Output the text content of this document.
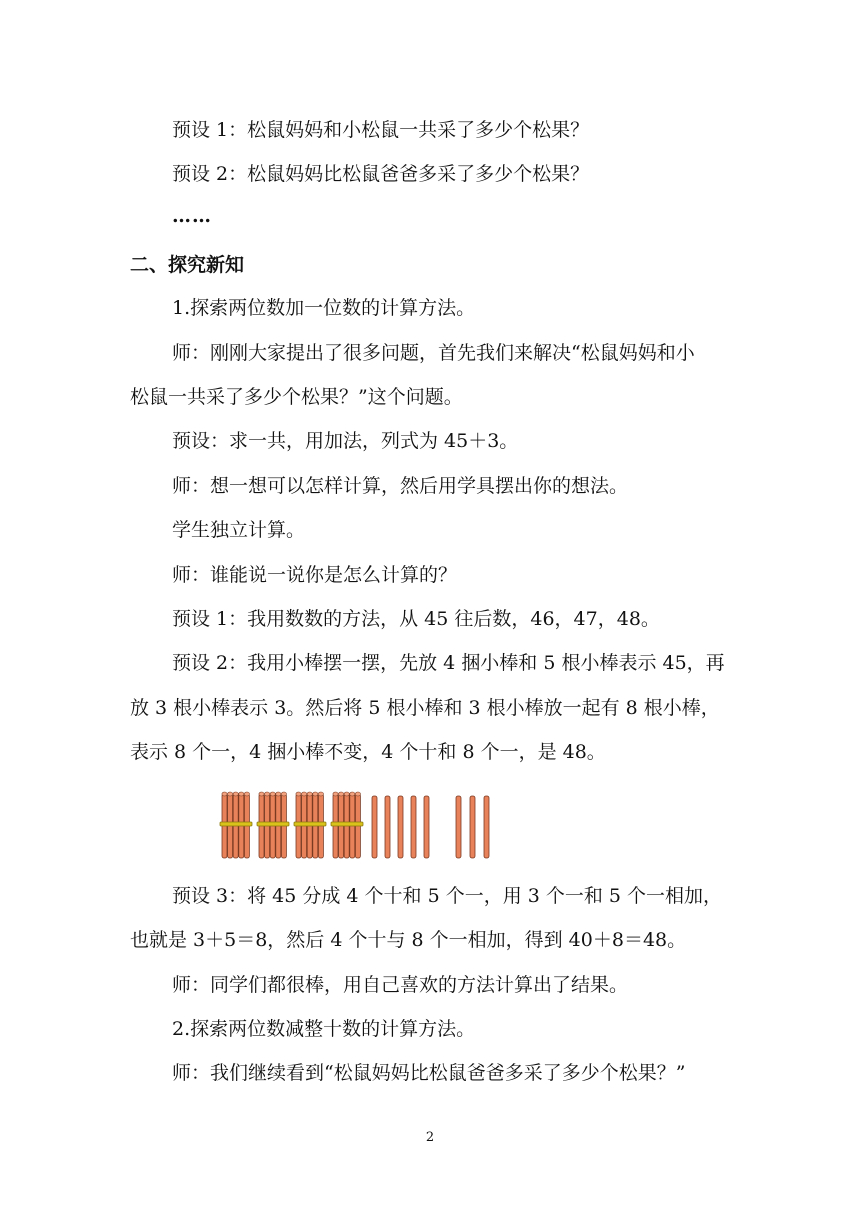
预设 1：松鼠妈妈和小松鼠一共采了多少个松果？
预设 2：松鼠妈妈比松鼠爸爸多采了多少个松果？
……
二、探究新知
1.探索两位数加一位数的计算方法。
师：刚刚大家提出了很多问题，首先我们来解决“松鼠妈妈和小
松鼠一共采了多少个松果？”这个问题。
预设：求一共，用加法，列式为 45＋3。
师：想一想可以怎样计算，然后用学具摆出你的想法。
学生独立计算。
师：谁能说一说你是怎么计算的？
预设 1：我用数数的方法，从 45 往后数，46，47，48。
预设 2：我用小棒摆一摆，先放 4 捆小棒和 5 根小棒表示 45，再
放 3 根小棒表示 3。然后将 5 根小棒和 3 根小棒放一起有 8 根小棒，
表示 8 个一，4 捆小棒不变，4 个十和 8 个一，是 48。
预设 3：将 45 分成 4 个十和 5 个一，用 3 个一和 5 个一相加，
也就是 3＋5＝8，然后 4 个十与 8 个一相加，得到 40＋8＝48。
师：同学们都很棒，用自己喜欢的方法计算出了结果。
2.探索两位数减整十数的计算方法。
师：我们继续看到“松鼠妈妈比松鼠爸爸多采了多少个松果？”
2
